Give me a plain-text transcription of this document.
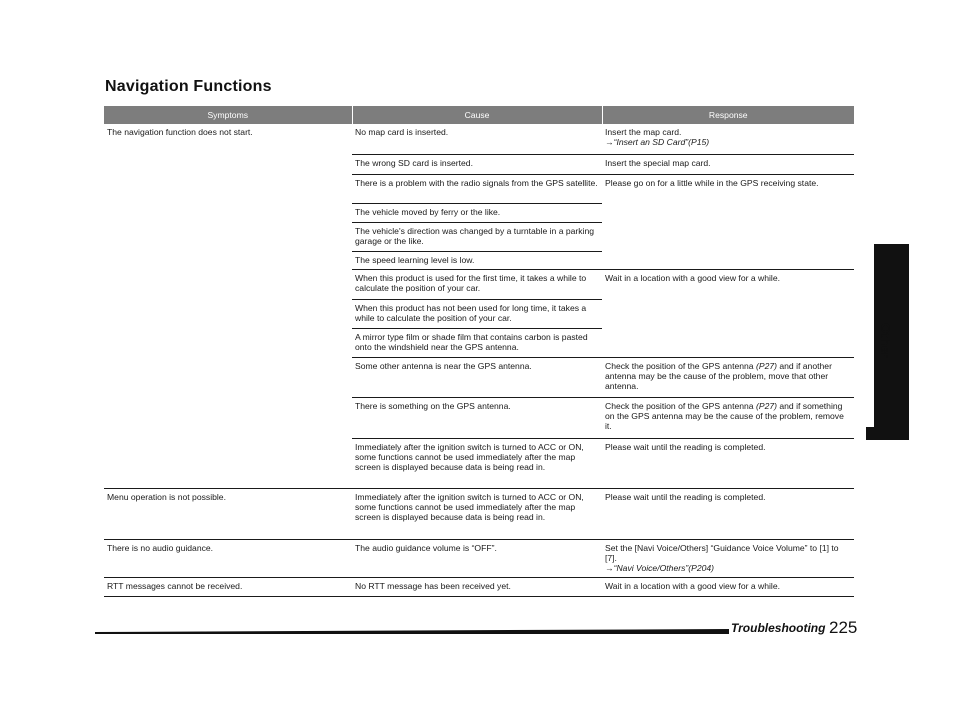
Navigation Functions
Symptoms	Cause	Response
The navigation function does not start.	No map card is inserted.	Insert the map card.
→“Insert an SD Card”(P15)

	The wrong SD card is inserted.	Insert the special map card.
	There is a problem with the radio signals from the GPS satellite.	Please go on for a little while in the GPS receiving state.
	The vehicle moved by ferry or the like.	
	The vehicle's direction was changed by a turntable in a parking garage or the like.	
	The speed learning level is low.	
	When this product is used for the first time, it takes a while to calculate the position of your car.	Wait in a location with a good view for a while.
	When this product has not been used for long time, it takes a while to calculate the position of your car.	
	A mirror type film or shade film that contains carbon is pasted onto the windshield near the GPS antenna.	
	Some other antenna is near the GPS antenna.	Check the position of the GPS antenna (P27) and if another antenna may be the cause of the problem, move that other antenna.
	There is something on the GPS antenna.	Check the position of the GPS antenna (P27) and if something on the GPS antenna may be the cause of the problem, remove it.
	Immediately after the ignition switch is turned to ACC or ON, some functions cannot be used immediately after the map screen is displayed because data is being read in.	Please wait until the reading is completed.
Menu operation is not possible.	Immediately after the ignition switch is turned to ACC or ON, some functions cannot be used immediately after the map screen is displayed because data is being read in.	Please wait until the reading is completed.
There is no audio guidance.	The audio guidance volume is “OFF”.	Set the [Navi Voice/Others] “Guidance Voice Volume” to [1] to [7].
→“Navi Voice/Others”(P204)

RTT messages cannot be received.	No RTT message has been received yet.	Wait in a location with a good view for a while.
Other
Troubleshooting 225
